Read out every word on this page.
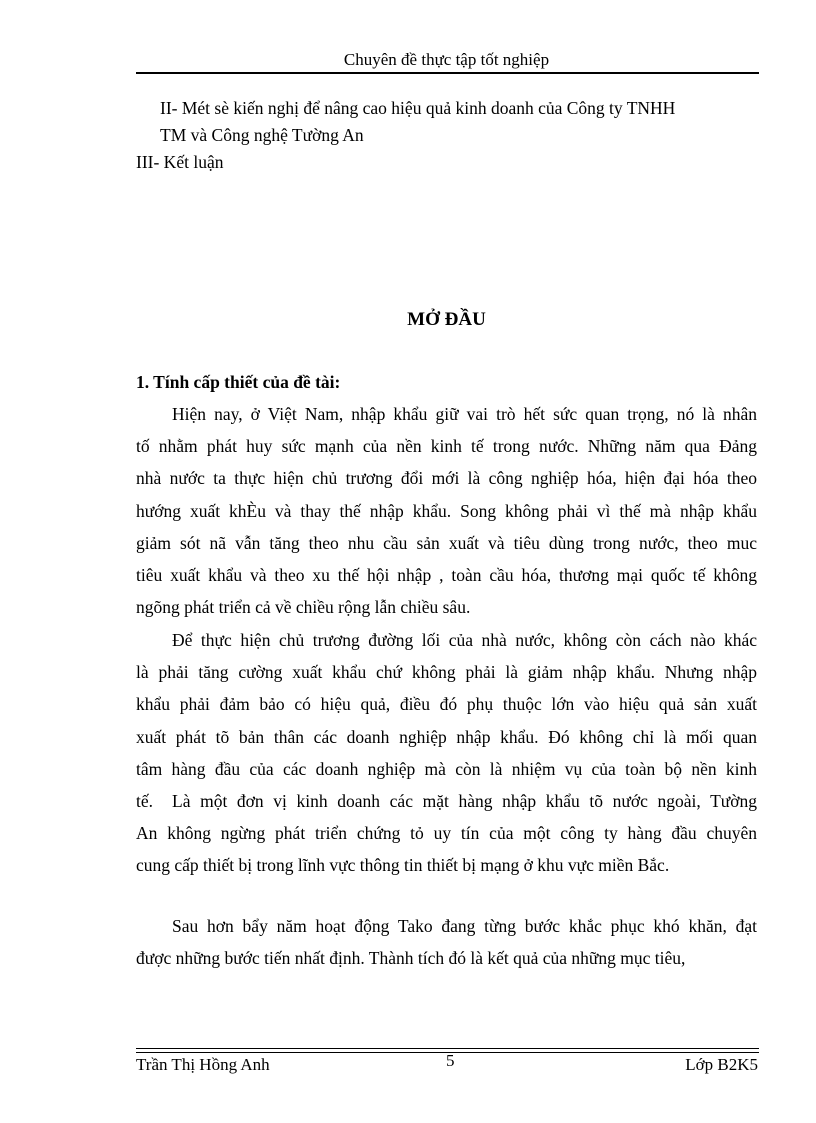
Chuyên đề thực tập tốt nghiệp
II- Mét sè kiến nghị để nâng cao hiệu quả kinh doanh của Công ty TNHH
TM và Công nghệ Tường An
III- Kết luận
MỞ ĐẦU
1. Tính cấp thiết của đề tài:
Hiện nay, ở Việt Nam, nhập khẩu giữ vai trò hết sức quan trọng, nó là nhân
tố nhằm phát huy sức mạnh của nền kinh tế trong nước. Những năm qua Đảng
nhà nước ta thực hiện chủ trương đổi mới là công nghiệp hóa, hiện đại hóa theo
hướng xuất khÈu và thay thế nhập khẩu. Song không phải vì thế mà nhập khẩu
giảm sót nã vẫn tăng theo nhu cầu sản xuất và tiêu dùng trong nước, theo muc
tiêu xuất khẩu và theo xu thế hội nhập , toàn cầu hóa, thương mại quốc tế không
ngõng phát triển cả về chiều rộng lẫn chiều sâu.
Để thực hiện chủ trương đường lối của nhà nước, không còn cách nào khác
là phải tăng cường xuất khẩu chứ không phải là giảm nhập khẩu. Nhưng nhập
khẩu phải đảm bảo có hiệu quả, điều đó phụ thuộc lớn vào hiệu quả sản xuất
xuất phát tõ bản thân các doanh nghiệp nhập khẩu. Đó không chỉ là mối quan
tâm hàng đầu của các doanh nghiệp mà còn là nhiệm vụ của toàn bộ nền kinh
tế.	Là một đơn vị kinh doanh các mặt hàng nhập khẩu tõ nước ngoài, Tường
An không ngừng phát triển chứng tỏ uy tín của một công ty hàng đầu chuyên
cung cấp thiết bị trong lĩnh vực thông tin thiết bị mạng ở khu vực miền Bắc.
Sau hơn bẩy năm hoạt động Tako đang từng bước khắc phục khó khăn, đạt
được những bước tiến nhất định. Thành tích đó là kết quả của những mục tiêu,
Trần Thị Hồng Anh	5	Lớp B2K5
